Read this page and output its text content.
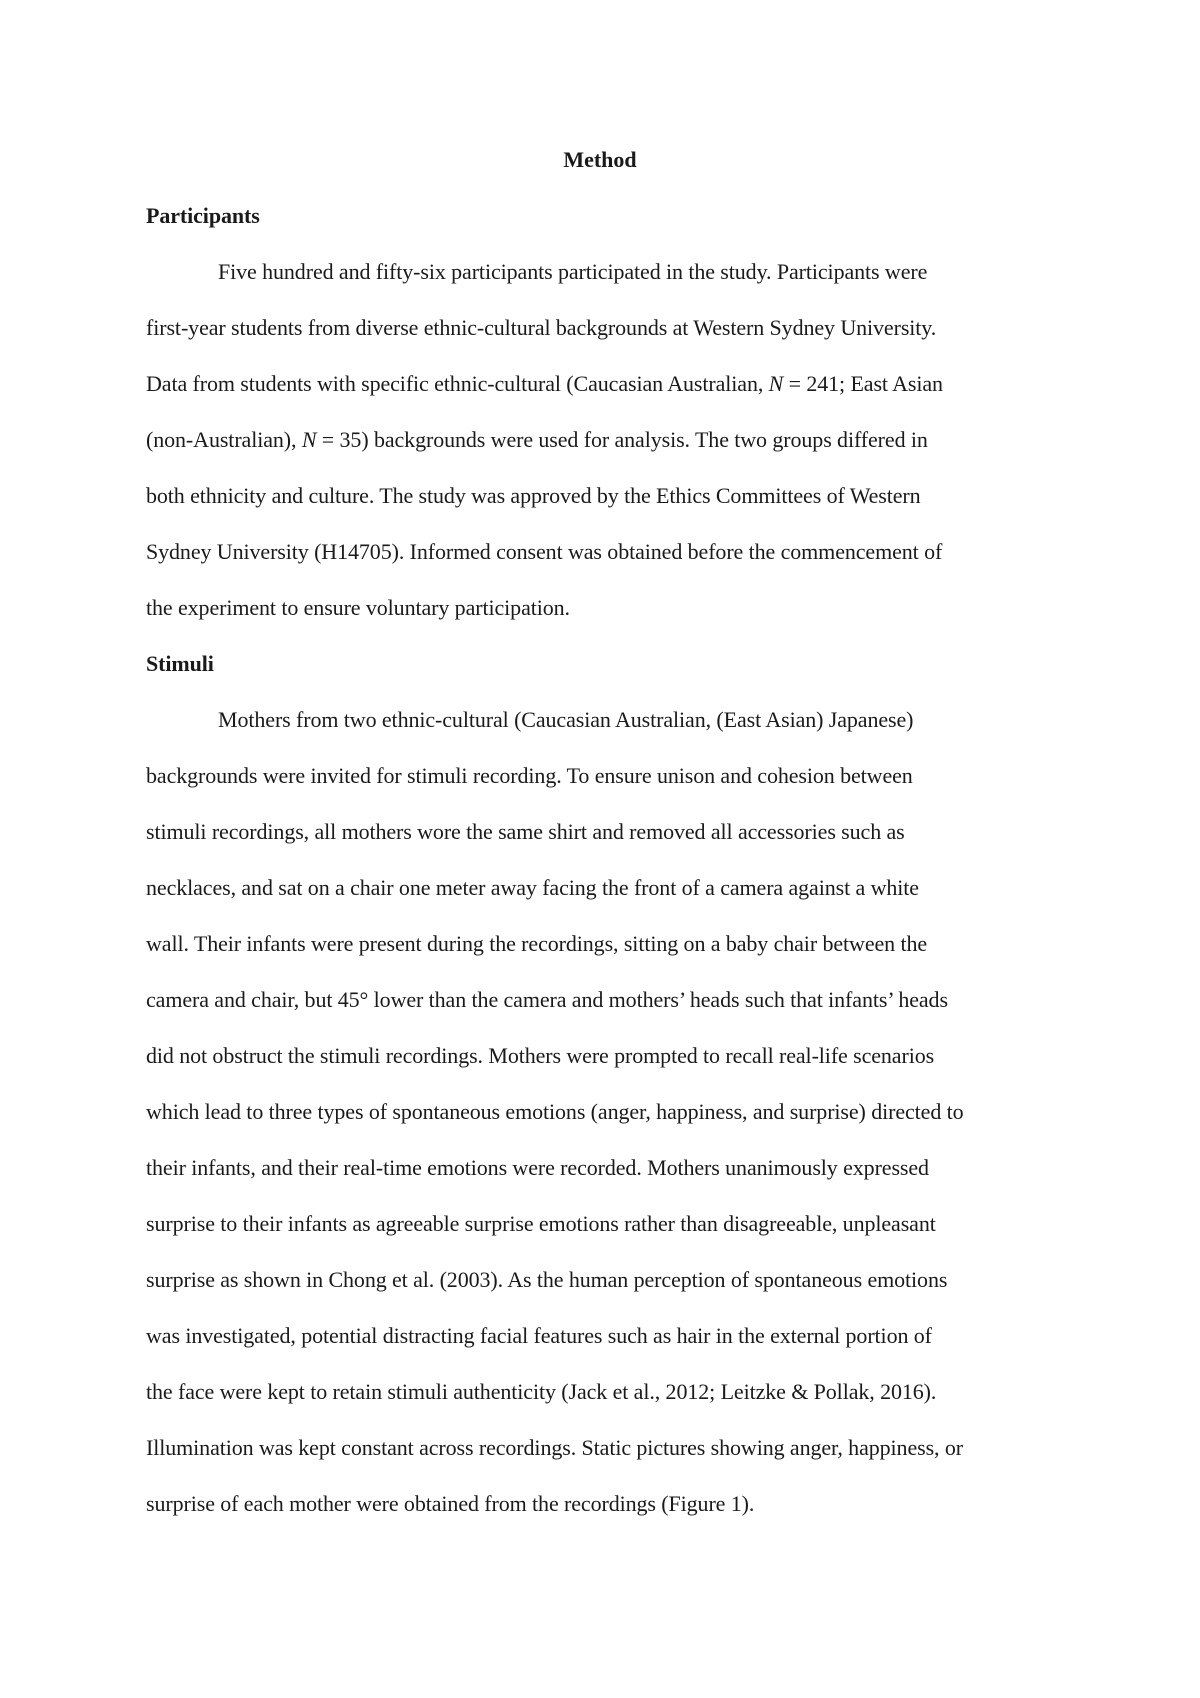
Method
Participants
Five hundred and fifty-six participants participated in the study. Participants were
first-year students from diverse ethnic-cultural backgrounds at Western Sydney University.
Data from students with specific ethnic-cultural (Caucasian Australian, N = 241; East Asian
(non-Australian), N = 35) backgrounds were used for analysis. The two groups differed in
both ethnicity and culture. The study was approved by the Ethics Committees of Western
Sydney University (H14705). Informed consent was obtained before the commencement of
the experiment to ensure voluntary participation.
Stimuli
Mothers from two ethnic-cultural (Caucasian Australian, (East Asian) Japanese)
backgrounds were invited for stimuli recording. To ensure unison and cohesion between
stimuli recordings, all mothers wore the same shirt and removed all accessories such as
necklaces, and sat on a chair one meter away facing the front of a camera against a white
wall. Their infants were present during the recordings, sitting on a baby chair between the
camera and chair, but 45° lower than the camera and mothers’ heads such that infants’ heads
did not obstruct the stimuli recordings. Mothers were prompted to recall real-life scenarios
which lead to three types of spontaneous emotions (anger, happiness, and surprise) directed to
their infants, and their real-time emotions were recorded. Mothers unanimously expressed
surprise to their infants as agreeable surprise emotions rather than disagreeable, unpleasant
surprise as shown in Chong et al. (2003). As the human perception of spontaneous emotions
was investigated, potential distracting facial features such as hair in the external portion of
the face were kept to retain stimuli authenticity (Jack et al., 2012; Leitzke & Pollak, 2016).
Illumination was kept constant across recordings. Static pictures showing anger, happiness, or
surprise of each mother were obtained from the recordings (Figure 1).
